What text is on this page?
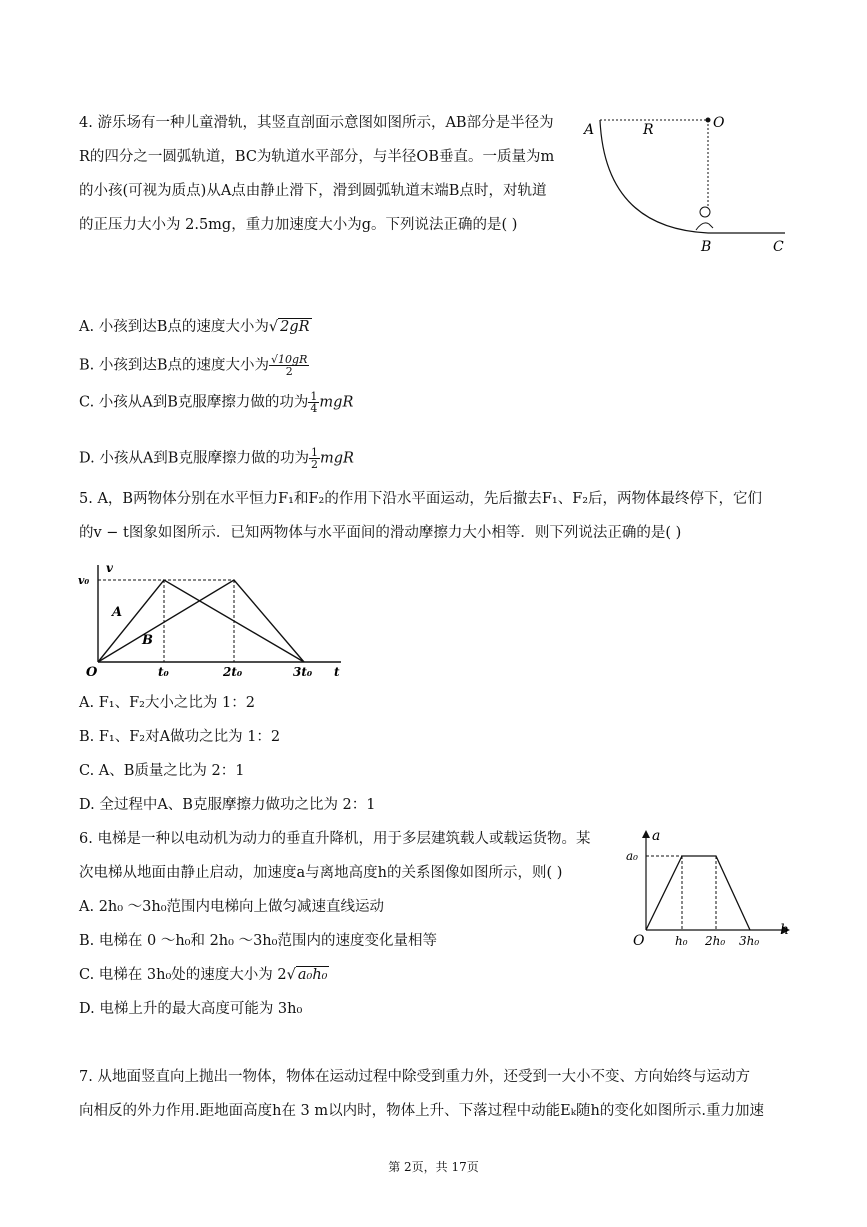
4. 游乐场有一种儿童滑轨，其竖直剖面示意图如图所示，AB部分是半径为
R的四分之一圆弧轨道，BC为轨道水平部分，与半径OB垂直。一质量为m
的小孩(可视为质点)从A点由静止滑下，滑到圆弧轨道末端B点时，对轨道
的正压力大小为 2.5mg，重力加速度大小为g。下列说法正确的是( )
A	R	O
B	C
A. 小孩到达B点的速度大小为√ 2gR
B. 小孩到达B点的速度大小为 $\frac{√10gR}{2}$
C. 小孩从A到B克服摩擦力做的功为 $\frac{1}{4}$ mgR
D. 小孩从A到B克服摩擦力做的功为 $\frac{1}{2}$ mgR
5. A，B两物体分别在水平恒力F₁和F₂的作用下沿水平面运动，先后撤去F₁、F₂后，两物体最终停下，它们
的v − t图象如图所示．已知两物体与水平面间的滑动摩擦力大小相等．则下列说法正确的是( )
v
v₀
A
B
O	t₀	2t₀	3t₀ t
A. F₁、F₂大小之比为 1：2
B. F₁、F₂对A做功之比为 1：2
C. A、B质量之比为 2：1
D. 全过程中A、B克服摩擦力做功之比为 2：1
6. 电梯是一种以电动机为动力的垂直升降机，用于多层建筑载人或载运货物。某
次电梯从地面由静止启动，加速度a与离地高度h的关系图像如图所示，则( )
A. 2h₀ ～3h₀范围内电梯向上做匀减速直线运动
B. 电梯在 0 ～h₀和 2h₀ ～3h₀范围内的速度变化量相等
C. 电梯在 3h₀处的速度大小为 2√ a₀h₀
D. 电梯上升的最大高度可能为 3h₀
a
a₀
O	h₀ 2h₀ 3h₀
h
7. 从地面竖直向上抛出一物体，物体在运动过程中除受到重力外，还受到一大小不变、方向始终与运动方
向相反的外力作用.距地面高度h在 3 m以内时，物体上升、下落过程中动能Eₖ随h的变化如图所示.重力加速
第 2页，共 17页
